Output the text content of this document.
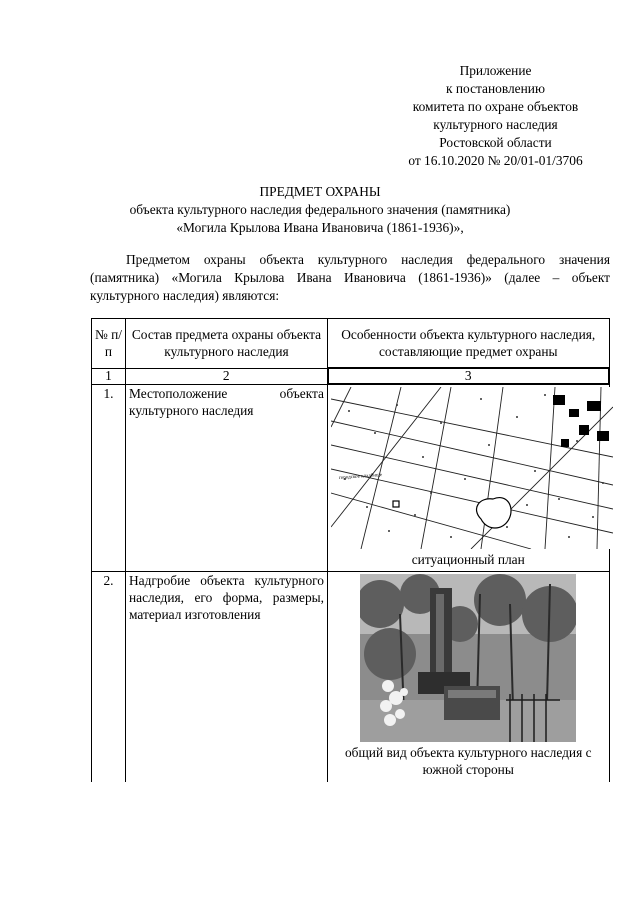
Приложение
к постановлению
комитета по охране объектов
культурного наследия
Ростовской области
от 16.10.2020 № 20/01-01/3706
ПРЕДМЕТ ОХРАНЫ
объекта культурного наследия федерального значения (памятника)
«Могила Крылова Ивана Ивановича (1861-1936)»,
Предметом охраны объекта культурного наследия федерального значения (памятника) «Могила Крылова Ивана Ивановича (1861-1936)» (далее – объект культурного наследия) являются:
№ п/п	Состав предмета охраны объекта культурного наследия	Особенности объекта культурного наследия, составляющие предмет охраны
1	2	3
1.	Местоположение объекта культурного наследия	городское кладбище
ситуационный план

2.	Надгробие объекта культурного наследия, его форма, размеры, материал изготовления	общий вид объекта культурного наследия с южной стороны
